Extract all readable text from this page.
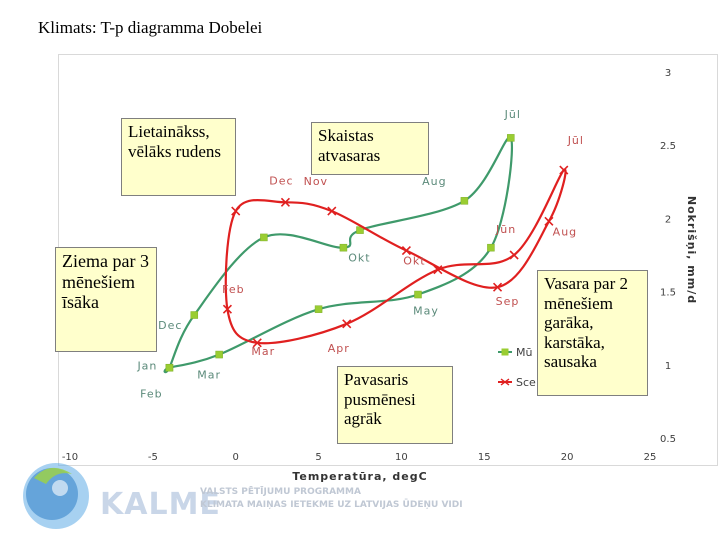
Klimats: T-p diagramma Dobelei
-10	-5	0	5	10	15	20	25
0.5
1
1.5
2
2.5
3
Temperatūra, degC
Nokrišņi, mm/d
Jan
Feb
Mar
May
Jūl
Aug
Okt
Dec
Feb
Mar	Apr
Jūn
Jūl
Aug
Sep
Okt
Nov
Dec
Mū
Sce
Lietainākss, vēlāks rudens
Skaistas atvasaras
Ziema par 3 mēnešiem īsāka
Pavasaris pusmēnesi agrāk
Vasara par 2 mēnešiem garāka, karstāka, sausaka
KALME
VALSTS PĒTĪJUMU PROGRAMMA
KLIMATA MAIŅAS IETEKME UZ LATVIJAS ŪDEŅU VIDI
